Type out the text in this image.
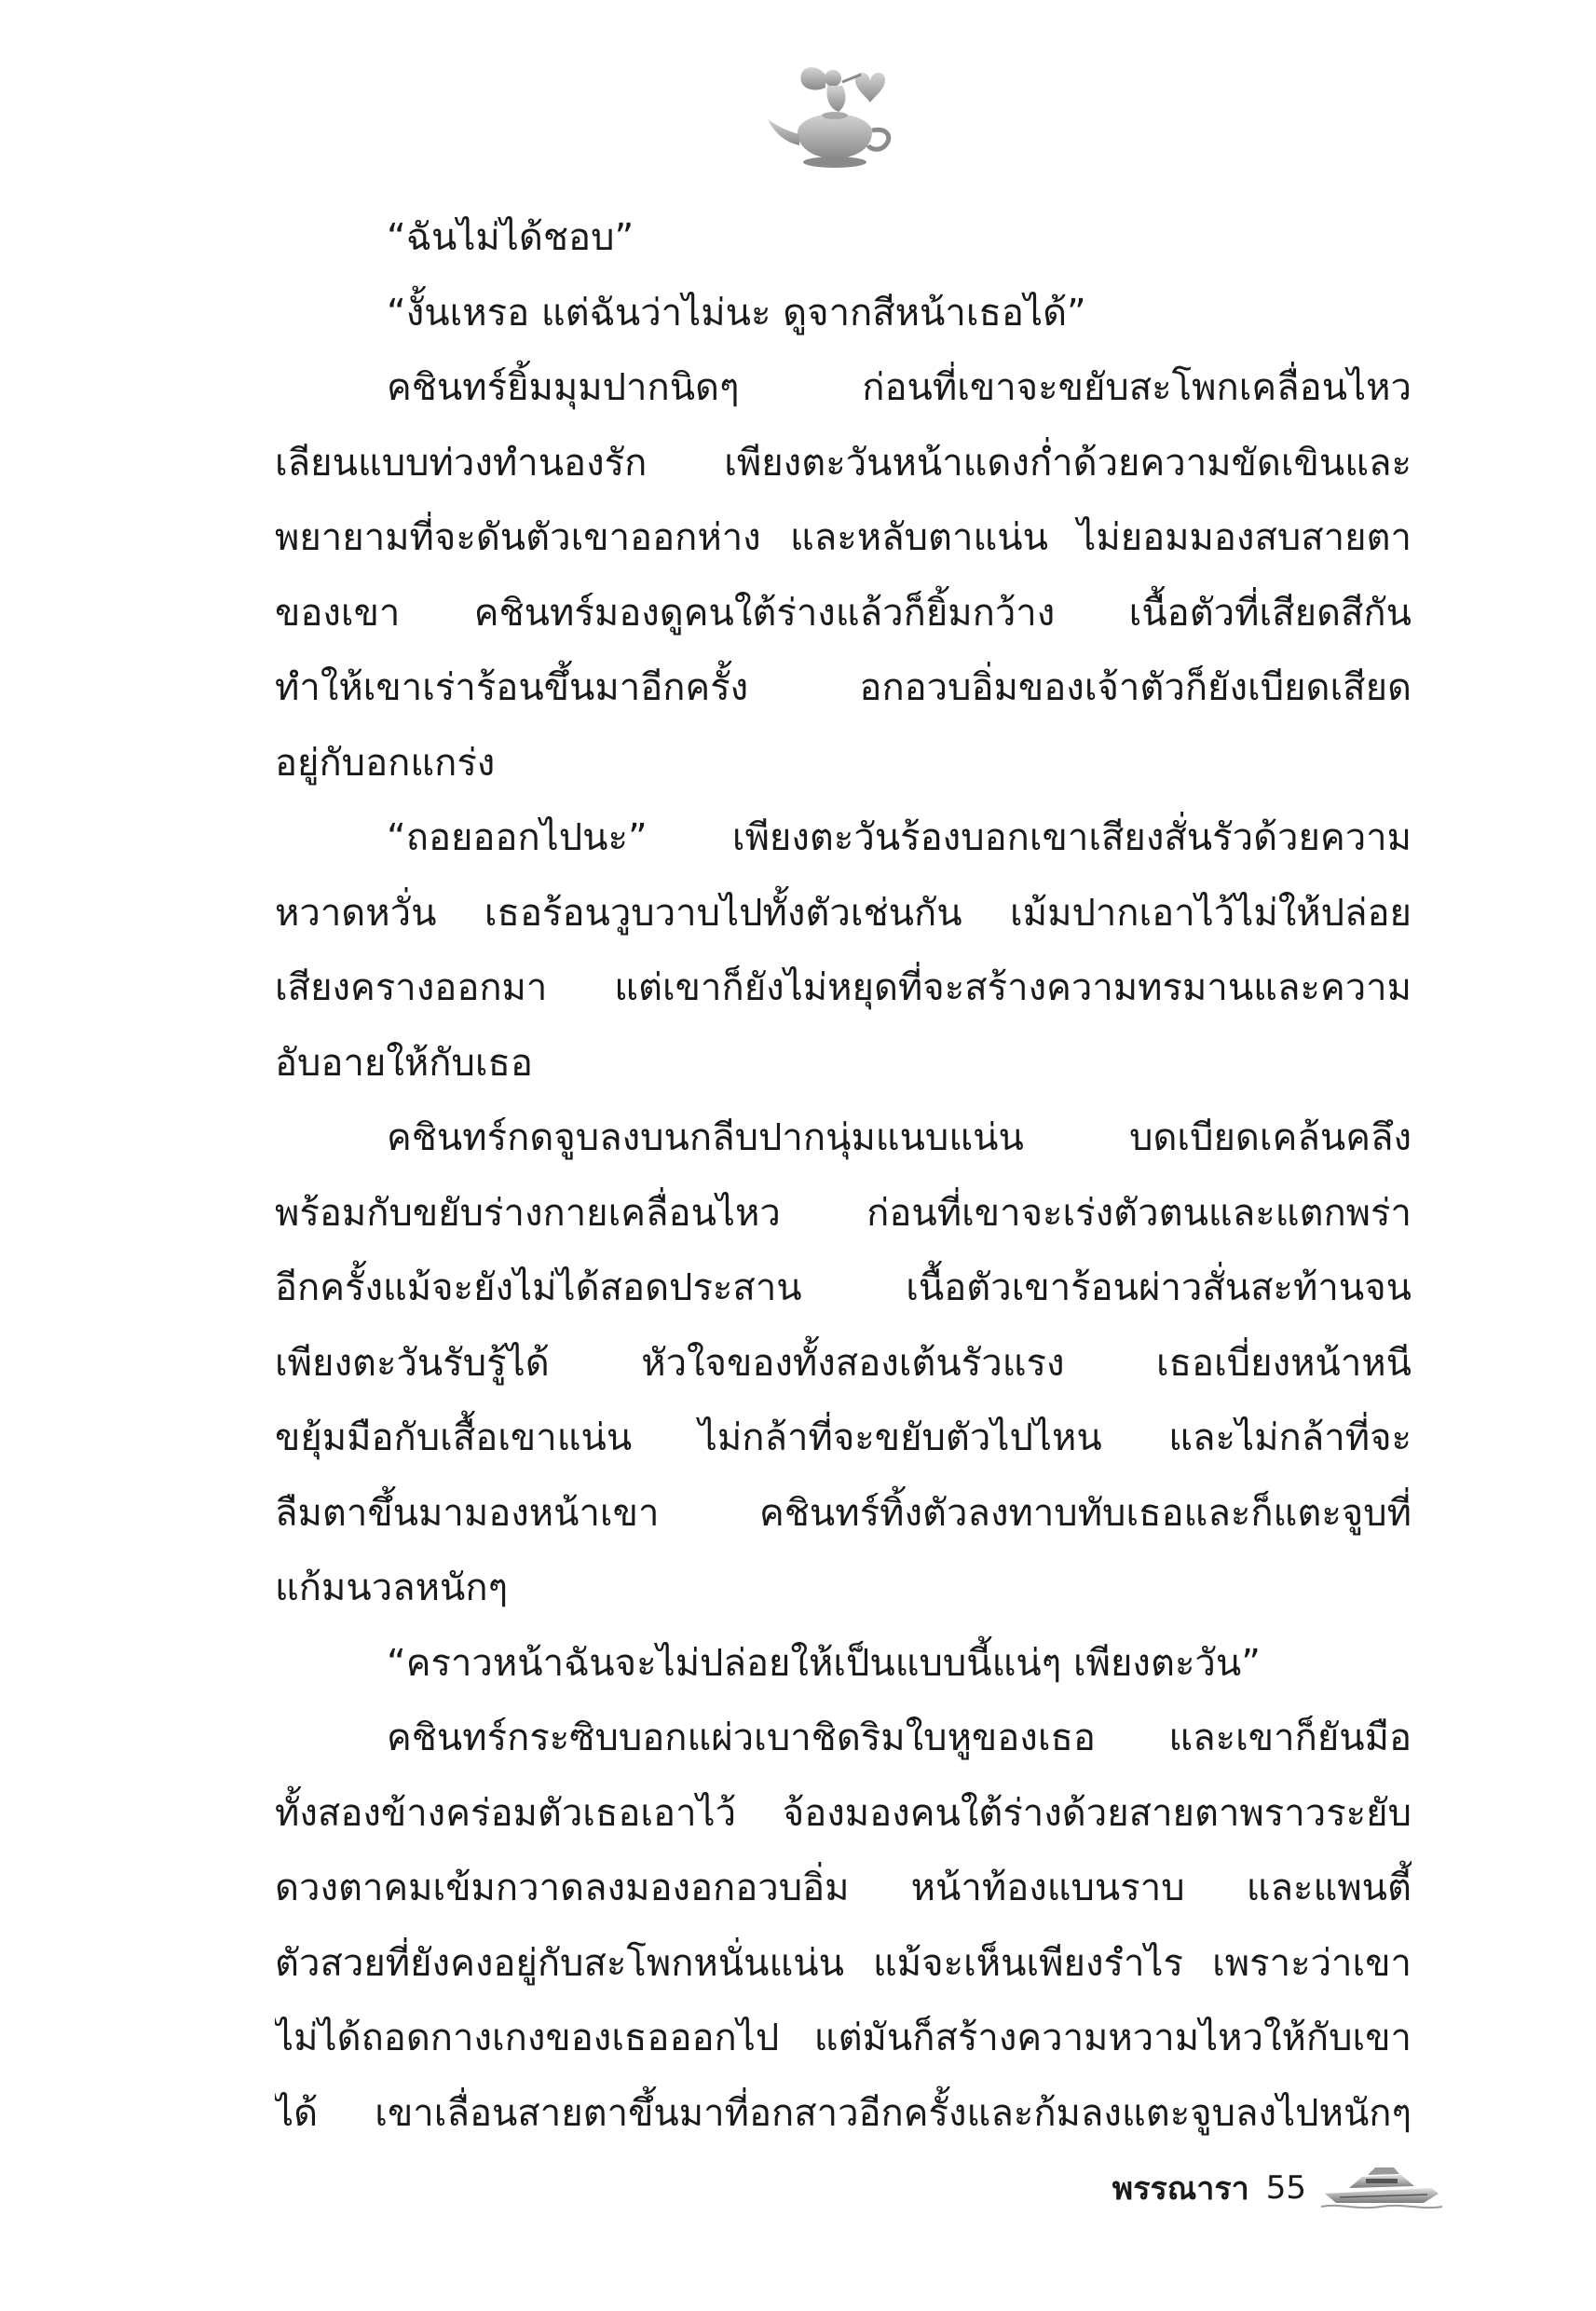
“ฉันไม่ได้ชอบ”
“งั้นเหรอ แต่ฉันว่าไม่นะ ดูจากสีหน้าเธอได้”
คชินทร์ยิ้มมุมปากนิดๆ ก่อนที่เขาจะขยับสะโพกเคลื่อนไหว
เลียนแบบท่วงทำนองรัก เพียงตะวันหน้าแดงก่ำด้วยความขัดเขินและ
พยายามที่จะดันตัวเขาออกห่าง และหลับตาแน่น ไม่ยอมมองสบสายตา
ของเขา คชินทร์มองดูคนใต้ร่างแล้วก็ยิ้มกว้าง เนื้อตัวที่เสียดสีกัน
ทำให้เขาเร่าร้อนขึ้นมาอีกครั้ง อกอวบอิ่มของเจ้าตัวก็ยังเบียดเสียด
อยู่กับอกแกร่ง
“ถอยออกไปนะ” เพียงตะวันร้องบอกเขาเสียงสั่นรัวด้วยความ
หวาดหวั่น เธอร้อนวูบวาบไปทั้งตัวเช่นกัน เม้มปากเอาไว้ไม่ให้ปล่อย
เสียงครางออกมา แต่เขาก็ยังไม่หยุดที่จะสร้างความทรมานและความ
อับอายให้กับเธอ
คชินทร์กดจูบลงบนกลีบปากนุ่มแนบแน่น บดเบียดเคล้นคลึง
พร้อมกับขยับร่างกายเคลื่อนไหว ก่อนที่เขาจะเร่งตัวตนและแตกพร่า
อีกครั้งแม้จะยังไม่ได้สอดประสาน เนื้อตัวเขาร้อนผ่าวสั่นสะท้านจน
เพียงตะวันรับรู้ได้ หัวใจของทั้งสองเต้นรัวแรง เธอเบี่ยงหน้าหนี
ขยุ้มมือกับเสื้อเขาแน่น ไม่กล้าที่จะขยับตัวไปไหน และไม่กล้าที่จะ
ลืมตาขึ้นมามองหน้าเขา คชินทร์ทิ้งตัวลงทาบทับเธอและก็แตะจูบที่
แก้มนวลหนักๆ
“คราวหน้าฉันจะไม่ปล่อยให้เป็นแบบนี้แน่ๆ เพียงตะวัน”
คชินทร์กระซิบบอกแผ่วเบาชิดริมใบหูของเธอ และเขาก็ยันมือ
ทั้งสองข้างคร่อมตัวเธอเอาไว้ จ้องมองคนใต้ร่างด้วยสายตาพราวระยับ
ดวงตาคมเข้มกวาดลงมองอกอวบอิ่ม หน้าท้องแบนราบ และแพนตี้
ตัวสวยที่ยังคงอยู่กับสะโพกหนั่นแน่น แม้จะเห็นเพียงรำไร เพราะว่าเขา
ไม่ได้ถอดกางเกงของเธอออกไป แต่มันก็สร้างความหวามไหวให้กับเขา
ได้ เขาเลื่อนสายตาขึ้นมาที่อกสาวอีกครั้งและก้มลงแตะจูบลงไปหนักๆ
พรรณารา 55
